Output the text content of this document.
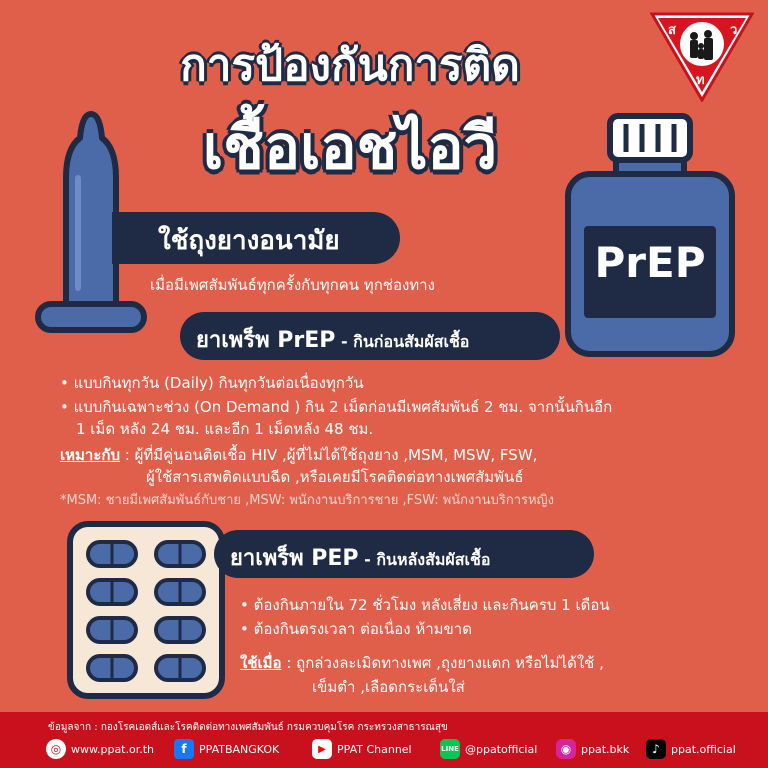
การป้องกันการติด
เชื้อเอชไอวี
ส	ว
ท
ใช้ถุงยางอนามัย
เมื่อมีเพศสัมพันธ์ทุกครั้งกับทุกคน ทุกช่องทาง	PrEP
ยาเพร็พ PrEP - กินก่อนสัมผัสเชื้อ
• แบบกินทุกวัน (Daily) กินทุกวันต่อเนื่องทุกวัน
• แบบกินเฉพาะช่วง (On Demand ) กิน 2 เม็ดก่อนมีเพศสัมพันธ์ 2 ชม. จากนั้นกินอีก
1 เม็ด หลัง 24 ชม. และอีก 1 เม็ดหลัง 48 ชม.
เหมาะกับ : ผู้ที่มีคู่นอนติดเชื้อ HIV ,ผู้ที่ไม่ได้ใช้ถุงยาง ,MSM, MSW, FSW,
ผู้ใช้สารเสพติดแบบฉีด ,หรือเคยมีโรคติดต่อทางเพศสัมพันธ์
*MSM: ชายมีเพศสัมพันธ์กับชาย ,MSW: พนักงานบริการชาย ,FSW: พนักงานบริการหญิง
ยาเพร็พ PEP - กินหลังสัมผัสเชื้อ
• ต้องกินภายใน 72 ชั่วโมง หลังเสี่ยง และกินครบ 1 เดือน
• ต้องกินตรงเวลา ต่อเนื่อง ห้ามขาด
ใช้เมื่อ : ถูกล่วงละเมิดทางเพศ ,ถุงยางแตก หรือไม่ได้ใช้ ,
เข็มตำ ,เลือดกระเด็นใส่
ข้อมูลจาก : กองโรคเอดส์และโรคติดต่อทางเพศสัมพันธ์ กรมควบคุมโรค กระทรวงสาธารณสุข
◎ www.ppat.or.th	f	PPATBANGKOK	▶	PPAT Channel	LINE @ppatofficial	◉ ppat.bkk	♪	ppat.official
